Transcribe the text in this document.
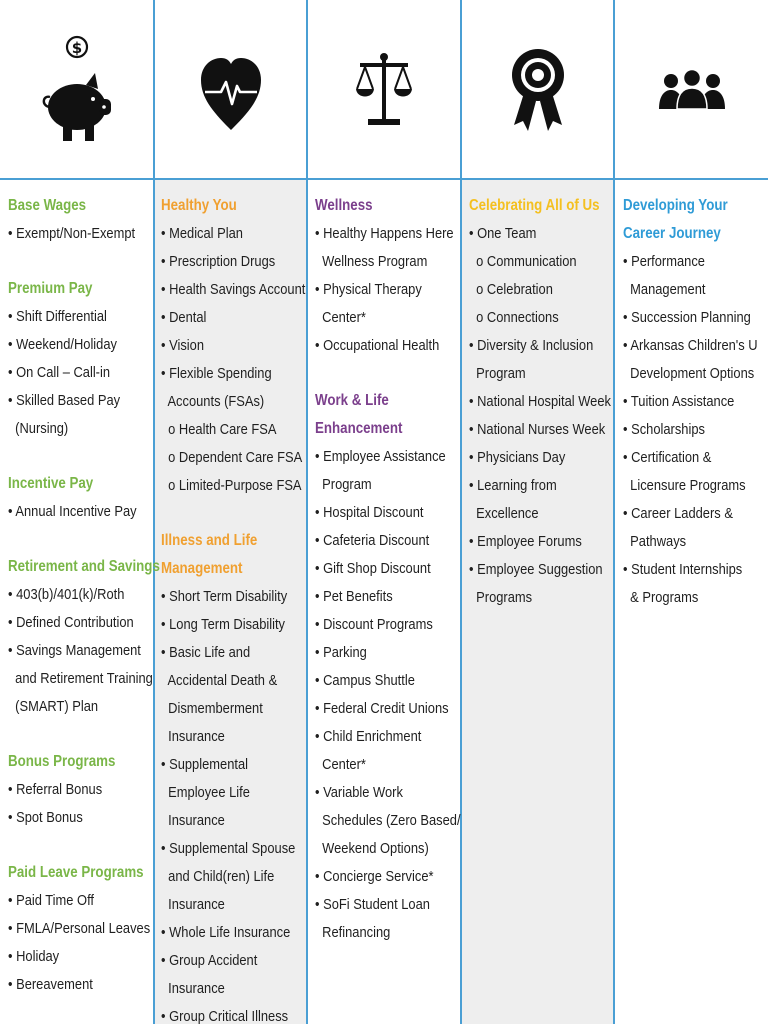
$
Base Wages
• Exempt/Non-Exempt
Premium Pay
• Shift Differential
• Weekend/Holiday
• On Call – Call-in
• Skilled Based Pay
(Nursing)
Incentive Pay
• Annual Incentive Pay
Retirement and Savings
• 403(b)/401(k)/Roth
• Defined Contribution
• Savings Management
and Retirement Training
(SMART) Plan
Bonus Programs
• Referral Bonus
• Spot Bonus
Paid Leave Programs
• Paid Time Off
• FMLA/Personal Leaves
• Holiday
• Bereavement
Healthy You
• Medical Plan
• Prescription Drugs
• Health Savings Account
• Dental
• Vision
• Flexible Spending
Accounts (FSAs)
o Health Care FSA
o Dependent Care FSA
o Limited-Purpose FSA
Illness and Life
Management
• Short Term Disability
• Long Term Disability
• Basic Life and
Accidental Death &
Dismemberment
Insurance
• Supplemental
Employee Life
Insurance
• Supplemental Spouse
and Child(ren) Life
Insurance
• Whole Life Insurance
• Group Accident
Insurance
• Group Critical Illness
Wellness
• Healthy Happens Here
Wellness Program
• Physical Therapy
Center*
• Occupational Health
Work & Life
Enhancement
• Employee Assistance
Program
• Hospital Discount
• Cafeteria Discount
• Gift Shop Discount
• Pet Benefits
• Discount Programs
• Parking
• Campus Shuttle
• Federal Credit Unions
• Child Enrichment
Center*
• Variable Work
Schedules (Zero Based/
Weekend Options)
• Concierge Service*
• SoFi Student Loan
Refinancing
Celebrating All of Us
• One Team
o Communication
o Celebration
o Connections
• Diversity & Inclusion
Program
• National Hospital Week
• National Nurses Week
• Physicians Day
• Learning from
Excellence
• Employee Forums
• Employee Suggestion
Programs
Developing Your
Career Journey
• Performance
Management
• Succession Planning
• Arkansas Children's U
Development Options
• Tuition Assistance
• Scholarships
• Certification &
Licensure Programs
• Career Ladders &
Pathways
• Student Internships
& Programs
